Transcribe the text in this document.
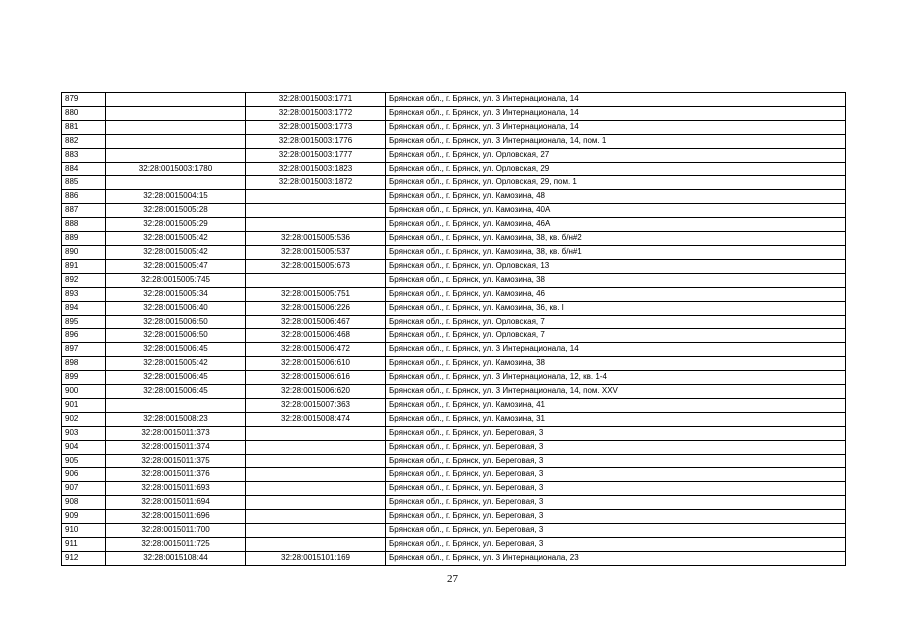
879		32:28:0015003:1771	Брянская обл., г. Брянск, ул. 3 Интернационала, 14
880		32:28:0015003:1772	Брянская обл., г. Брянск, ул. 3 Интернационала, 14
881		32:28:0015003:1773	Брянская обл., г. Брянск, ул. 3 Интернационала, 14
882		32:28:0015003:1776	Брянская обл., г. Брянск, ул. 3 Интернационала, 14, пом. 1
883		32:28:0015003:1777	Брянская обл., г. Брянск, ул. Орловская, 27
884	32:28:0015003:1780	32:28:0015003:1823	Брянская обл., г. Брянск, ул. Орловская, 29
885		32:28:0015003:1872	Брянская обл., г. Брянск, ул. Орловская, 29, пом. 1
886	32:28:0015004:15		Брянская обл., г. Брянск, ул. Камозина, 48
887	32:28:0015005:28		Брянская обл., г. Брянск, ул. Камозина, 40А
888	32:28:0015005:29		Брянская обл., г. Брянск, ул. Камозина, 46А
889	32:28:0015005:42	32:28:0015005:536	Брянская обл., г. Брянск, ул. Камозина, 38, кв. б/н#2
890	32:28:0015005:42	32:28:0015005:537	Брянская обл., г. Брянск, ул. Камозина, 38, кв. б/н#1
891	32:28:0015005:47	32:28:0015005:673	Брянская обл., г. Брянск, ул. Орловская, 13
892	32:28:0015005:745		Брянская обл., г. Брянск, ул. Камозина, 38
893	32:28:0015005:34	32:28:0015005:751	Брянская обл., г. Брянск, ул. Камозина, 46
894	32:28:0015006:40	32:28:0015006:226	Брянская обл., г. Брянск, ул. Камозина, 36, кв. I
895	32:28:0015006:50	32:28:0015006:467	Брянская обл., г. Брянск, ул. Орловская, 7
896	32:28:0015006:50	32:28:0015006:468	Брянская обл., г. Брянск, ул. Орловская, 7
897	32:28:0015006:45	32:28:0015006:472	Брянская обл., г. Брянск, ул. 3 Интернационала, 14
898	32:28:0015005:42	32:28:0015006:610	Брянская обл., г. Брянск, ул. Камозина, 38
899	32:28:0015006:45	32:28:0015006:616	Брянская обл., г. Брянск, ул. 3 Интернационала, 12, кв. 1-4
900	32:28:0015006:45	32:28:0015006:620	Брянская обл., г. Брянск, ул. 3 Интернационала, 14, пом. XXV
901		32:28:0015007:363	Брянская обл., г. Брянск, ул. Камозина, 41
902	32:28:0015008:23	32:28:0015008:474	Брянская обл., г. Брянск, ул. Камозина, 31
903	32:28:0015011:373		Брянская обл., г. Брянск, ул. Береговая, 3
904	32:28:0015011:374		Брянская обл., г. Брянск, ул. Береговая, 3
905	32:28:0015011:375		Брянская обл., г. Брянск, ул. Береговая, 3
906	32:28:0015011:376		Брянская обл., г. Брянск, ул. Береговая, 3
907	32:28:0015011:693		Брянская обл., г. Брянск, ул. Береговая, 3
908	32:28:0015011:694		Брянская обл., г. Брянск, ул. Береговая, 3
909	32:28:0015011:696		Брянская обл., г. Брянск, ул. Береговая, 3
910	32:28:0015011:700		Брянская обл., г. Брянск, ул. Береговая, 3
911	32:28:0015011:725		Брянская обл., г. Брянск, ул. Береговая, 3
912	32:28:0015108:44	32:28:0015101:169	Брянская обл., г. Брянск, ул. 3 Интернационала, 23
27
